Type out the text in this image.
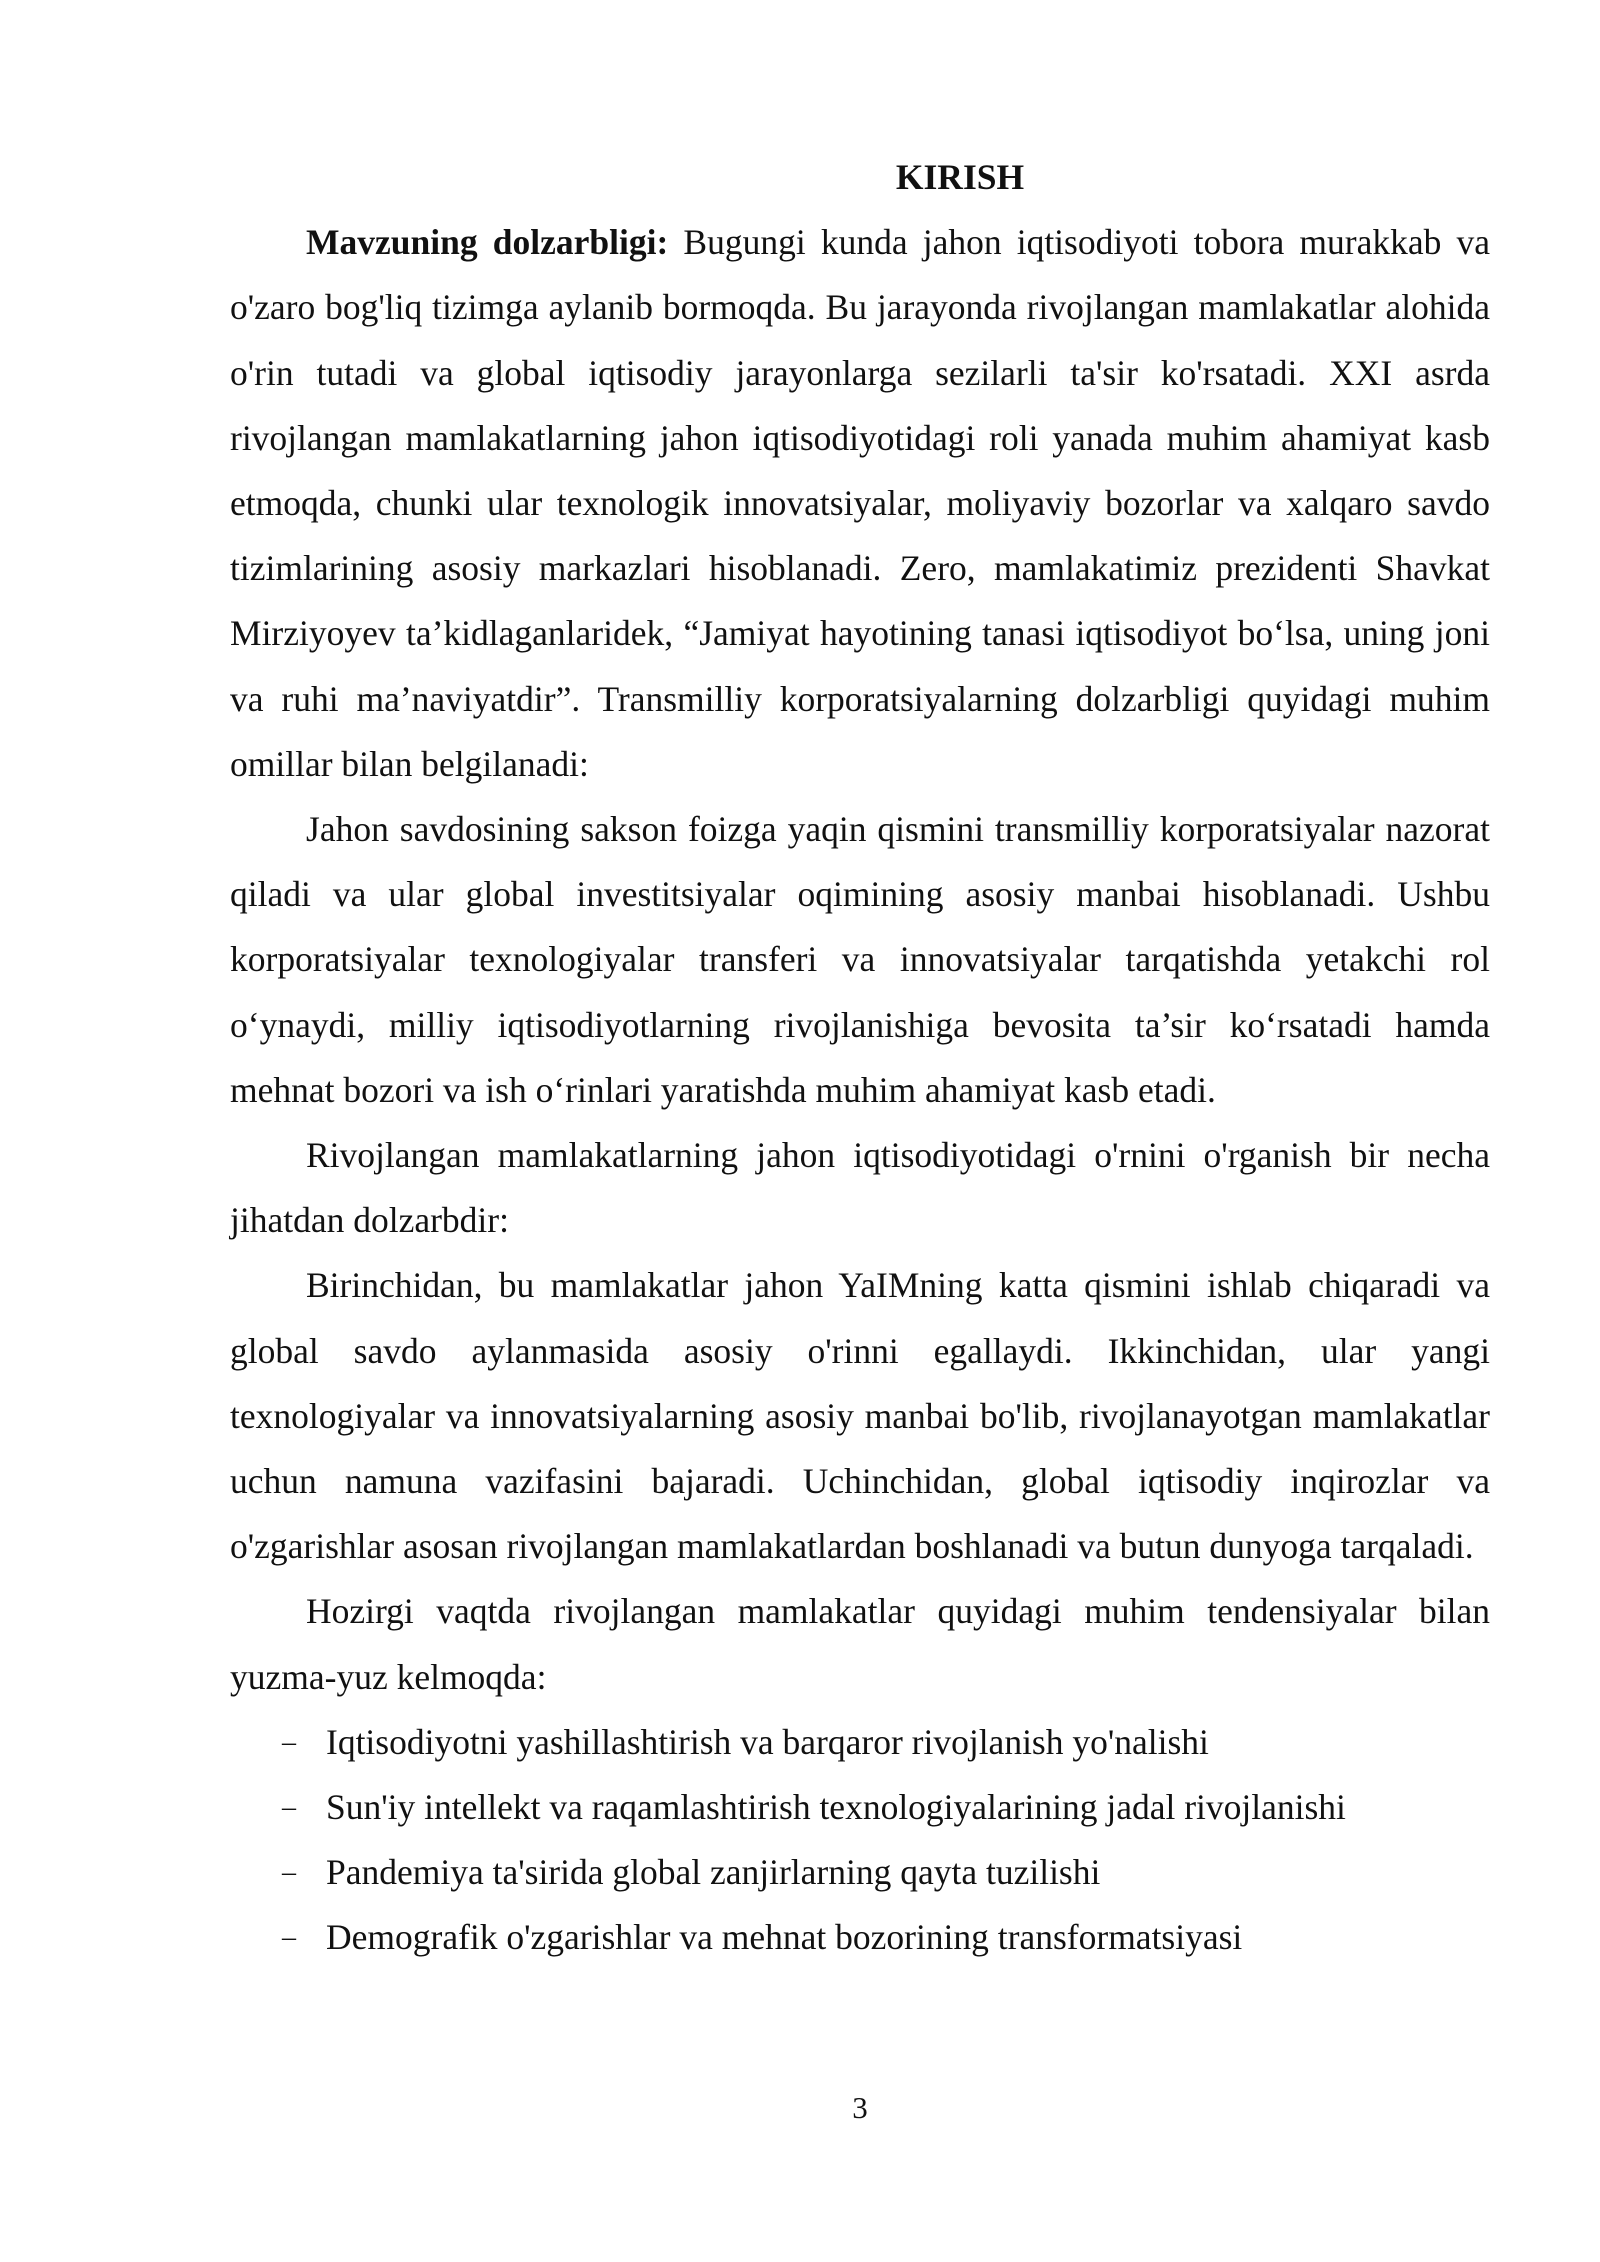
KIRISH

Mavzuning dolzarbligi: Bugungi kunda jahon iqtisodiyoti tobora murakkab va o'zaro bog'liq tizimga aylanib bormoqda. Bu jarayonda rivojlangan mamlakatlar alohida o'rin tutadi va global iqtisodiy jarayonlarga sezilarli ta'sir ko'rsatadi. XXI asrda rivojlangan mamlakatlarning jahon iqtisodiyotidagi roli yanada muhim ahamiyat kasb etmoqda, chunki ular texnologik innovatsiyalar, moliyaviy bozorlar va xalqaro savdo tizimlarining asosiy markazlari hisoblanadi. Zero, mamlakatimiz prezidenti Shavkat Mirziyoyev ta’kidlaganlaridek, “Jamiyat hayotining tanasi iqtisodiyot bo‘lsa, uning joni va ruhi ma’naviyatdir”. Transmilliy korporatsiyalarning dolzarbligi quyidagi muhim omillar bilan belgilanadi:

Jahon savdosining sakson foizga yaqin qismini transmilliy korporatsiyalar nazorat qiladi va ular global investitsiyalar oqimining asosiy manbai hisoblanadi. Ushbu korporatsiyalar texnologiyalar transferi va innovatsiyalar tarqatishda yetakchi rol o‘ynaydi, milliy iqtisodiyotlarning rivojlanishiga bevosita ta’sir ko‘rsatadi hamda mehnat bozori va ish o‘rinlari yaratishda muhim ahamiyat kasb etadi.

Rivojlangan mamlakatlarning jahon iqtisodiyotidagi o'rnini o'rganish bir necha jihatdan dolzarbdir:

Birinchidan, bu mamlakatlar jahon YaIMning katta qismini ishlab chiqaradi va global savdo aylanmasida asosiy o'rinni egallaydi. Ikkinchidan, ular yangi texnologiyalar va innovatsiyalarning asosiy manbai bo'lib, rivojlanayotgan mamlakatlar uchun namuna vazifasini bajaradi. Uchinchidan, global iqtisodiy inqirozlar va o'zgarishlar asosan rivojlangan mamlakatlardan boshlanadi va butun dunyoga tarqaladi.

Hozirgi vaqtda rivojlangan mamlakatlar quyidagi muhim tendensiyalar bilan yuzma-yuz kelmoqda:

– Iqtisodiyotni yashillashtirish va barqaror rivojlanish yo'nalishi
– Sun'iy intellekt va raqamlashtirish texnologiyalarining jadal rivojlanishi
– Pandemiya ta'sirida global zanjirlarning qayta tuzilishi
– Demografik o'zgarishlar va mehnat bozorining transformatsiyasi
3
